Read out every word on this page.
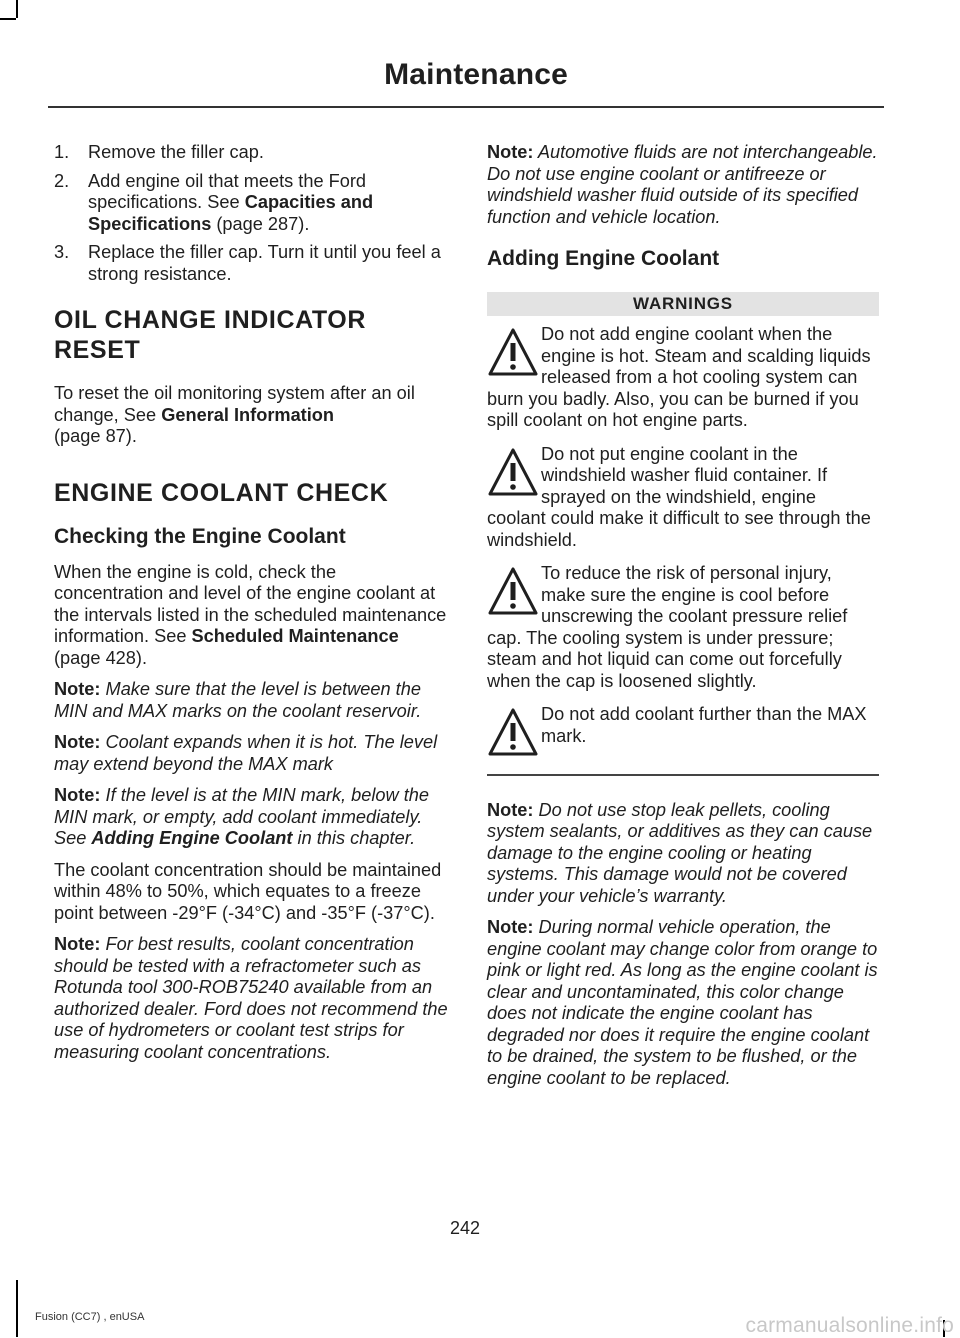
Maintenance
1.	Remove the filler cap.
2.	Add engine oil that meets the Ford specifications. See Capacities and Specifications (page 287).
3.	Replace the filler cap. Turn it until you feel a strong resistance.
OIL CHANGE INDICATOR
RESET

To reset the oil monitoring system after an oil change, See General Information
(page 87).

ENGINE COOLANT CHECK
Checking the Engine Coolant

When the engine is cold, check the concentration and level of the engine coolant at the intervals listed in the scheduled maintenance information. See Scheduled Maintenance (page 428).

Note: Make sure that the level is between the MIN and MAX marks on the coolant reservoir.

Note: Coolant expands when it is hot. The level may extend beyond the MAX mark

Note: If the level is at the MIN mark, below the MIN mark, or empty, add coolant immediately. See Adding Engine Coolant in this chapter.

The coolant concentration should be maintained within 48% to 50%, which equates to a freeze point between -29°F (-34°C) and -35°F (-37°C).

Note: For best results, coolant concentration should be tested with a refractometer such as Rotunda tool 300-ROB75240 available from an authorized dealer. Ford does not recommend the use of hydrometers or coolant test strips for measuring coolant concentrations.

Note: Automotive fluids are not interchangeable. Do not use engine coolant or antifreeze or windshield washer fluid outside of its specified function and vehicle location.

Adding Engine Coolant
WARNINGS
Do not add engine coolant when the engine is hot. Steam and scalding liquids released from a hot cooling system can burn you badly. Also, you can be burned if you spill coolant on hot engine parts.
Do not put engine coolant in the windshield washer fluid container. If sprayed on the windshield, engine coolant could make it difficult to see through the windshield.
To reduce the risk of personal injury, make sure the engine is cool before unscrewing the coolant pressure relief cap. The cooling system is under pressure; steam and hot liquid can come out forcefully when the cap is loosened slightly.
Do not add coolant further than the MAX mark.

Note: Do not use stop leak pellets, cooling system sealants, or additives as they can cause damage to the engine cooling or heating systems. This damage would not be covered under your vehicle’s warranty.

Note: During normal vehicle operation, the engine coolant may change color from orange to pink or light red. As long as the engine coolant is clear and uncontaminated, this color change does not indicate the engine coolant has degraded nor does it require the engine coolant to be drained, the system to be flushed, or the engine coolant to be replaced.

242
Fusion (CC7) , enUSA	carmanualsonline.info
